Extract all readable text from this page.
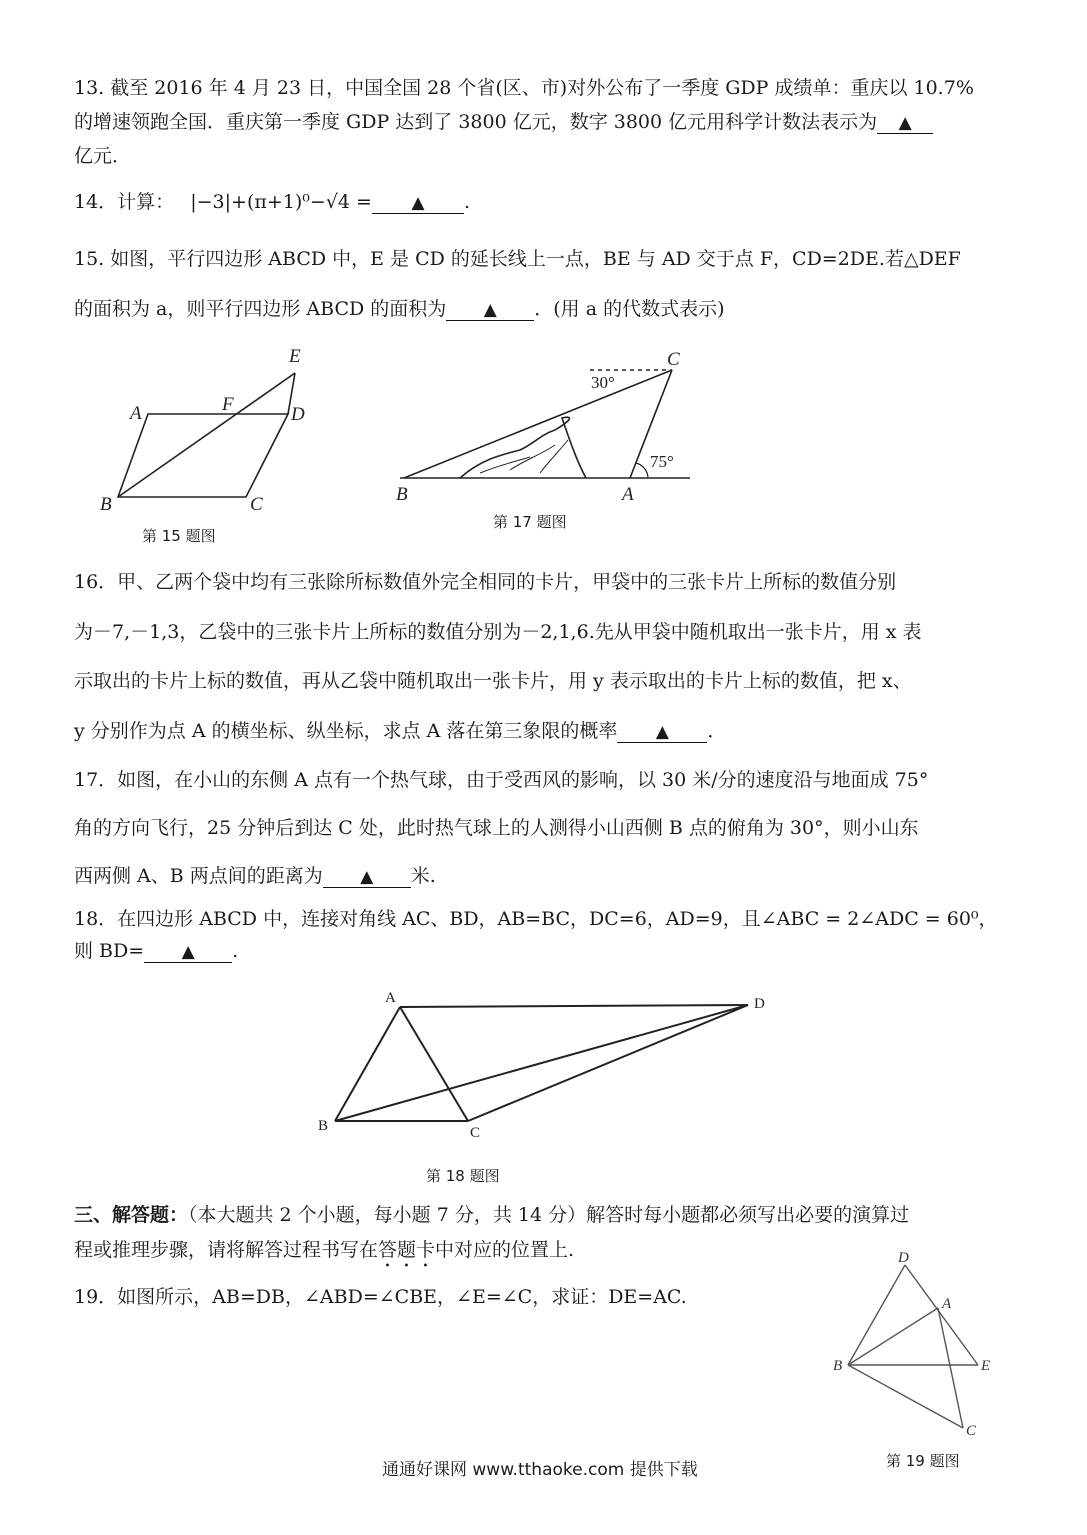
13. 截至 2016 年 4 月 23 日，中国全国 28 个省(区、市)对外公布了一季度 GDP 成绩单：重庆以 10.7%
的增速领跑全国．重庆第一季度 GDP 达到了 3800 亿元，数字 3800 亿元用科学计数法表示为 ▲
亿元．
14．计算： |−3|+(π+1)⁰−√4 = ▲ .
15. 如图，平行四边形 ABCD 中，E 是 CD 的延长线上一点，BE 与 AD 交于点 F，CD=2DE.若△DEF
的面积为 a，则平行四边形 ABCD 的面积为 ▲ ．(用 a 的代数式表示)
A
B	C
D
E
F
第 15 题图
30°
75°
B	A
C
第 17 题图
16．甲、乙两个袋中均有三张除所标数值外完全相同的卡片，甲袋中的三张卡片上所标的数值分别
为－7,－1,3，乙袋中的三张卡片上所标的数值分别为－2,1,6.先从甲袋中随机取出一张卡片，用 x 表
示取出的卡片上标的数值，再从乙袋中随机取出一张卡片，用 y 表示取出的卡片上标的数值，把 x、
y 分别作为点 A 的横坐标、纵坐标，求点 A 落在第三象限的概率 ▲ ．
17．如图，在小山的东侧 A 点有一个热气球，由于受西风的影响，以 30 米/分的速度沿与地面成 75°
角的方向飞行，25 分钟后到达 C 处，此时热气球上的人测得小山西侧 B 点的俯角为 30°，则小山东
西两侧 A、B 两点间的距离为 ▲ 米.
18．在四边形 ABCD 中，连接对角线 AC、BD，AB=BC，DC=6，AD=9，且∠ABC = 2∠ADC = 60⁰，
则 BD= ▲ .
A
B	C
D
第 18 题图
三、解答题：（本大题共 2 个小题，每小题 7 分，共 14 分）解答时每小题都必须写出必要的演算过
程或推理步骤，请将解答过程书写在答题卡中对应的位置上.
19．如图所示，AB=DB，∠ABD=∠CBE，∠E=∠C，求证：DE=AC.
D
A
B	E
C
第 19 题图
通通好课网 www.tthaoke.com 提供下载
